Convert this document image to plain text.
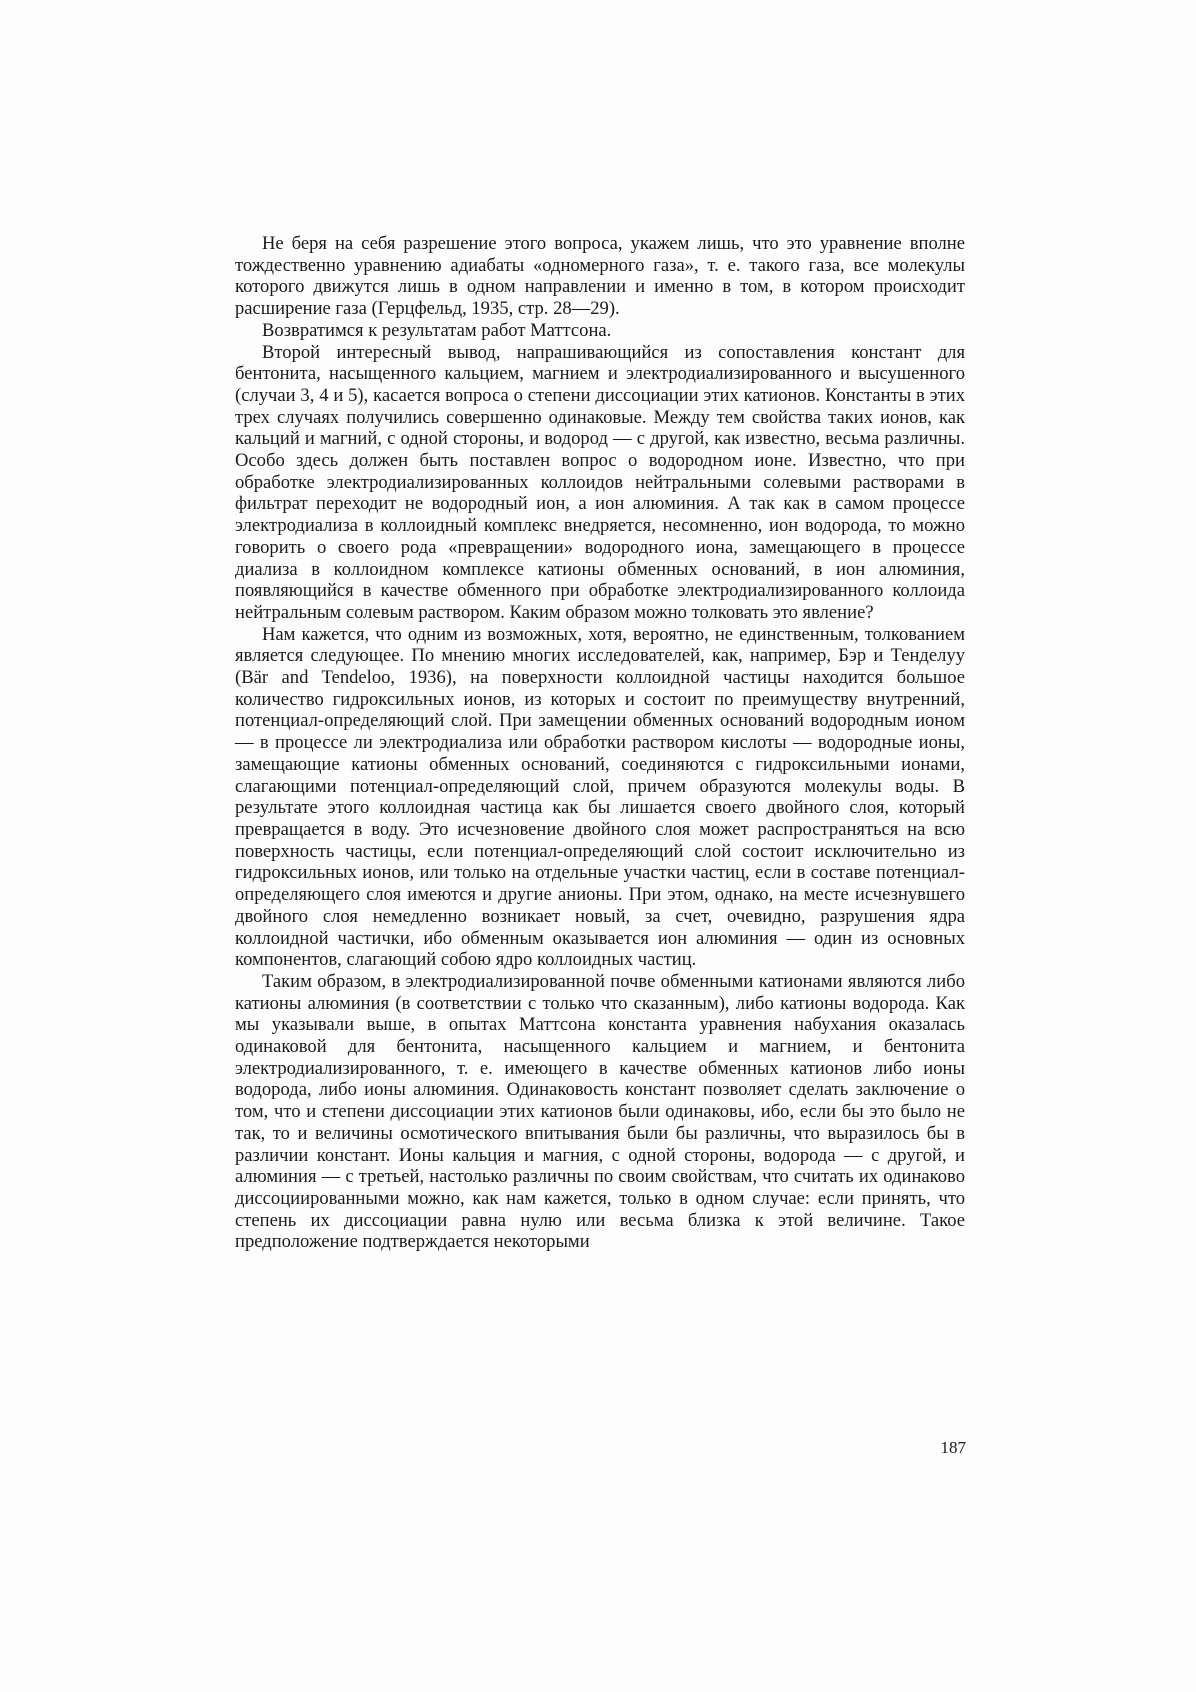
Не беря на себя разрешение этого вопроса, укажем лишь, что это уравнение вполне тождественно уравнению адиабаты «одномерного газа», т. е. такого газа, все молекулы которого движутся лишь в одном направлении и именно в том, в котором происходит расширение газа (Герцфельд, 1935, стр. 28—29).

Возвратимся к результатам работ Маттсона.

Второй интересный вывод, напрашивающийся из сопоставления констант для бентонита, насыщенного кальцием, магнием и электродиализированного и высушенного (случаи 3, 4 и 5), касается вопроса о степени диссоциации этих катионов. Константы в этих трех случаях получились совершенно одинаковые. Между тем свойства таких ионов, как кальций и магний, с одной стороны, и водород — с другой, как известно, весьма различны. Особо здесь должен быть поставлен вопрос о водородном ионе. Известно, что при обработке электродиализированных коллоидов нейтральными солевыми растворами в фильтрат переходит не водородный ион, а ион алюминия. А так как в самом процессе электродиализа в коллоидный комплекс внедряется, несомненно, ион водорода, то можно говорить о своего рода «превращении» водородного иона, замещающего в процессе диализа в коллоидном комплексе катионы обменных оснований, в ион алюминия, появляющийся в качестве обменного при обработке электродиализированного коллоида нейтральным солевым раствором. Каким образом можно толковать это явление?

Нам кажется, что одним из возможных, хотя, вероятно, не единственным, толкованием является следующее. По мнению многих исследователей, как, например, Бэр и Тенделуу (Bär and Tendeloo, 1936), на поверхности коллоидной частицы находится большое количество гидроксильных ионов, из которых и состоит по преимуществу внутренний, потенциал-определяющий слой. При замещении обменных оснований водородным ионом — в процессе ли электродиализа или обработки раствором кислоты — водородные ионы, замещающие катионы обменных оснований, соединяются с гидроксильными ионами, слагающими потенциал-определяющий слой, причем образуются молекулы воды. В результате этого коллоидная частица как бы лишается своего двойного слоя, который превращается в воду. Это исчезновение двойного слоя может распространяться на всю поверхность частицы, если потенциал-определяющий слой состоит исключительно из гидроксильных ионов, или только на отдельные участки частиц, если в составе потенциал-определяющего слоя имеются и другие анионы. При этом, однако, на месте исчезнувшего двойного слоя немедленно возникает новый, за счет, очевидно, разрушения ядра коллоидной частички, ибо обменным оказывается ион алюминия — один из основных компонентов, слагающий собою ядро коллоидных частиц.

Таким образом, в электродиализированной почве обменными катионами являются либо катионы алюминия (в соответствии с только что сказанным), либо катионы водорода. Как мы указывали выше, в опытах Маттсона константа уравнения набухания оказалась одинаковой для бентонита, насыщенного кальцием и магнием, и бентонита электродиализированного, т. е. имеющего в качестве обменных катионов либо ионы водорода, либо ионы алюминия. Одинаковость констант позволяет сделать заключение о том, что и степени диссоциации этих катионов были одинаковы, ибо, если бы это было не так, то и величины осмотического впитывания были бы различны, что выразилось бы в различии констант. Ионы кальция и магния, с одной стороны, водорода — с другой, и алюминия — с третьей, настолько различны по своим свойствам, что считать их одинаково диссоциированными можно, как нам кажется, только в одном случае: если принять, что степень их диссоциации равна нулю или весьма близка к этой величине. Такое предположение подтверждается некоторыми

187
